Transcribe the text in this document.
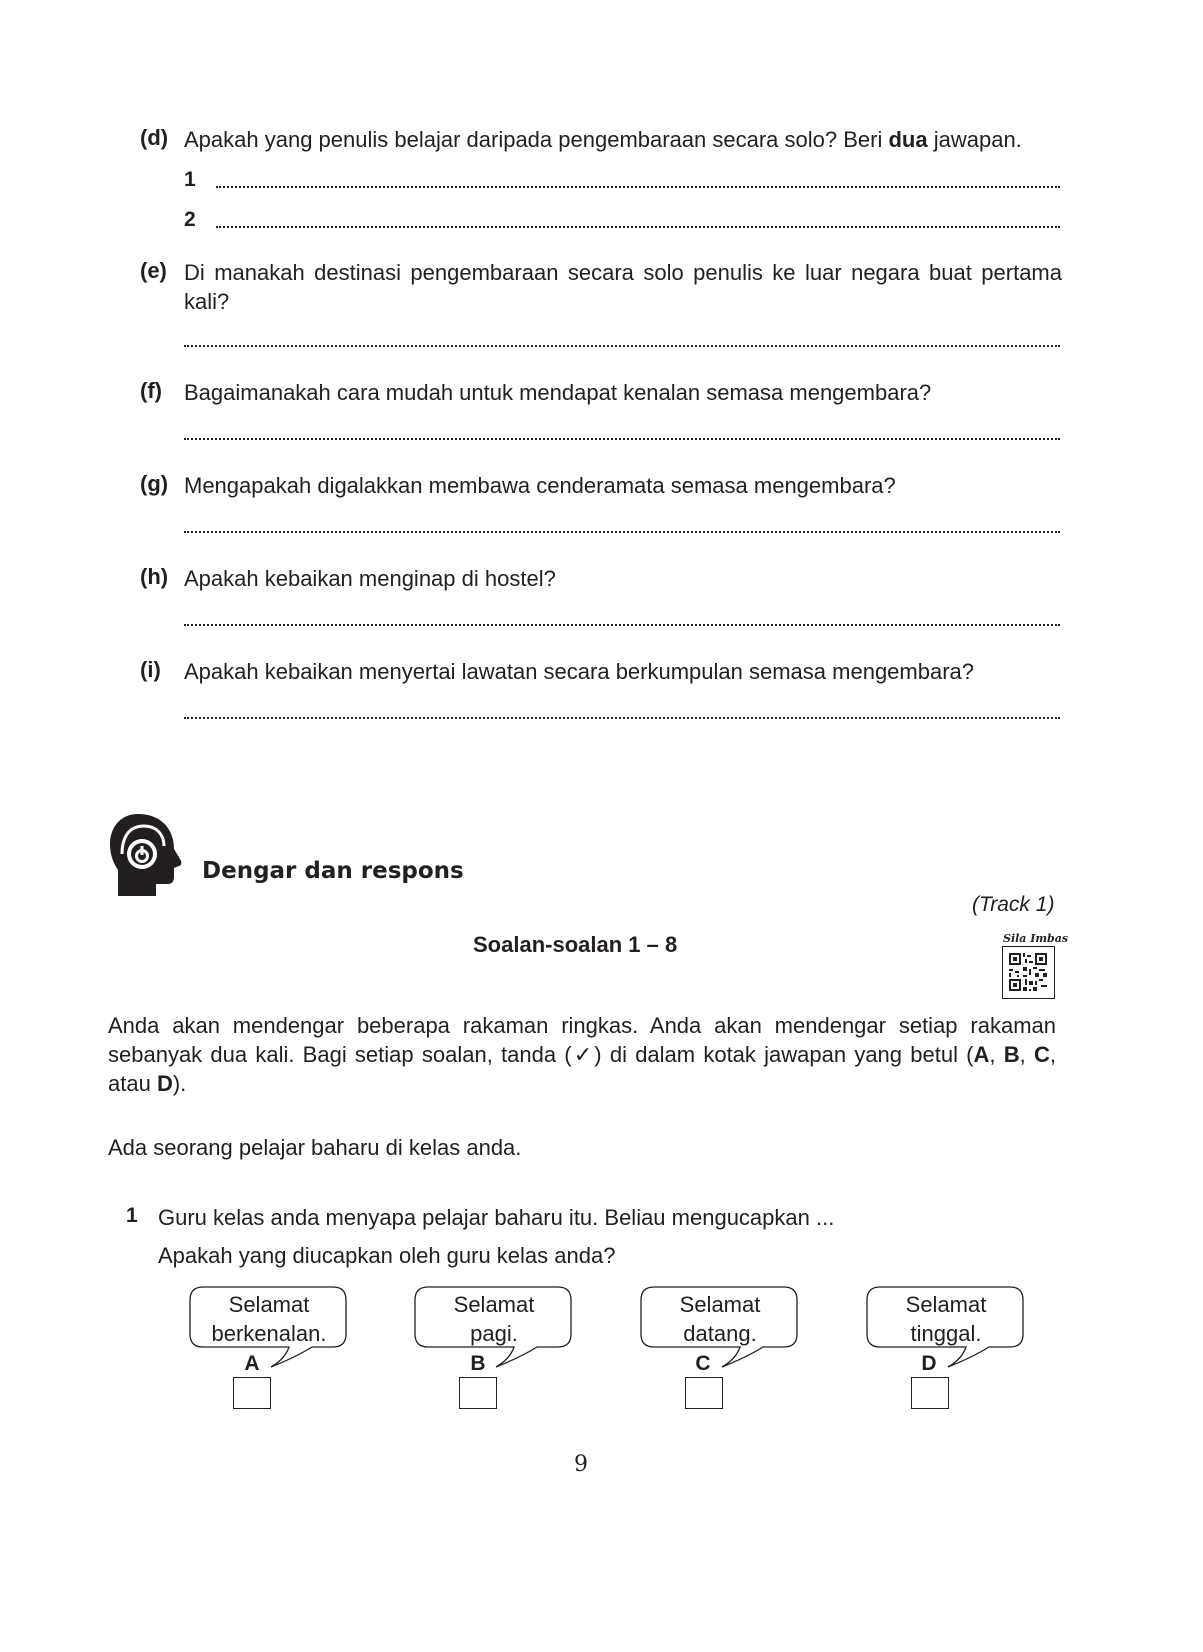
(d) Apakah yang penulis belajar daripada pengembaraan secara solo? Beri dua jawapan.
1
2
(e) Di manakah destinasi pengembaraan secara solo penulis ke luar negara buat pertama kali?
(f) Bagaimanakah cara mudah untuk mendapat kenalan semasa mengembara?
(g) Mengapakah digalakkan membawa cenderamata semasa mengembara?
(h) Apakah kebaikan menginap di hostel?
(i) Apakah kebaikan menyertai lawatan secara berkumpulan semasa mengembara?
Dengar dan respons
(Track 1)
Soalan-soalan 1 – 8	Sila Imbas
Anda akan mendengar beberapa rakaman ringkas. Anda akan mendengar setiap rakaman sebanyak dua kali. Bagi setiap soalan, tanda (✓) di dalam kotak jawapan yang betul (A, B, C, atau D).
Ada seorang pelajar baharu di kelas anda.
1 Guru kelas anda menyapa pelajar baharu itu. Beliau mengucapkan ...
Apakah yang diucapkan oleh guru kelas anda?
Selamat
berkenalan.
A
Selamat
pagi.
B
Selamat
datang.
C
Selamat
tinggal.
D
9
